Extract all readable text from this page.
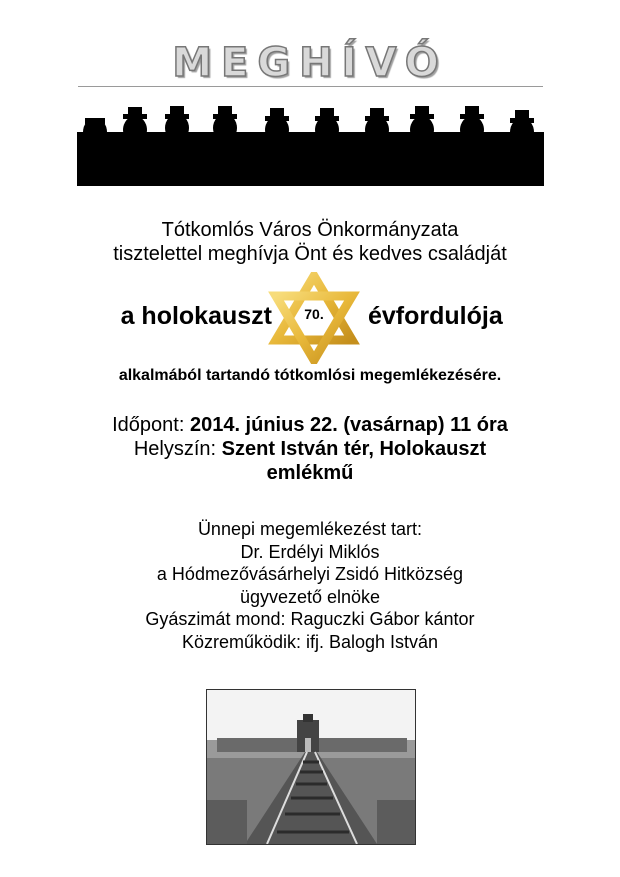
MEGHÍVÓ
Tótkomlós Város Önkormányzata
tisztelettel meghívja Önt és kedves családját
a holokauszt	70.	évfordulója
alkalmából tartandó tótkomlósi megemlékezésére.
Időpont: 2014. június 22. (vasárnap) 11 óra
Helyszín: Szent István tér, Holokauszt
emlékmű
Ünnepi megemlékezést tart:
Dr. Erdélyi Miklós
a Hódmezővásárhelyi Zsidó Hitközség
ügyvezető elnöke
Gyászimát mond: Raguczki Gábor kántor
Közreműködik: ifj. Balogh István
